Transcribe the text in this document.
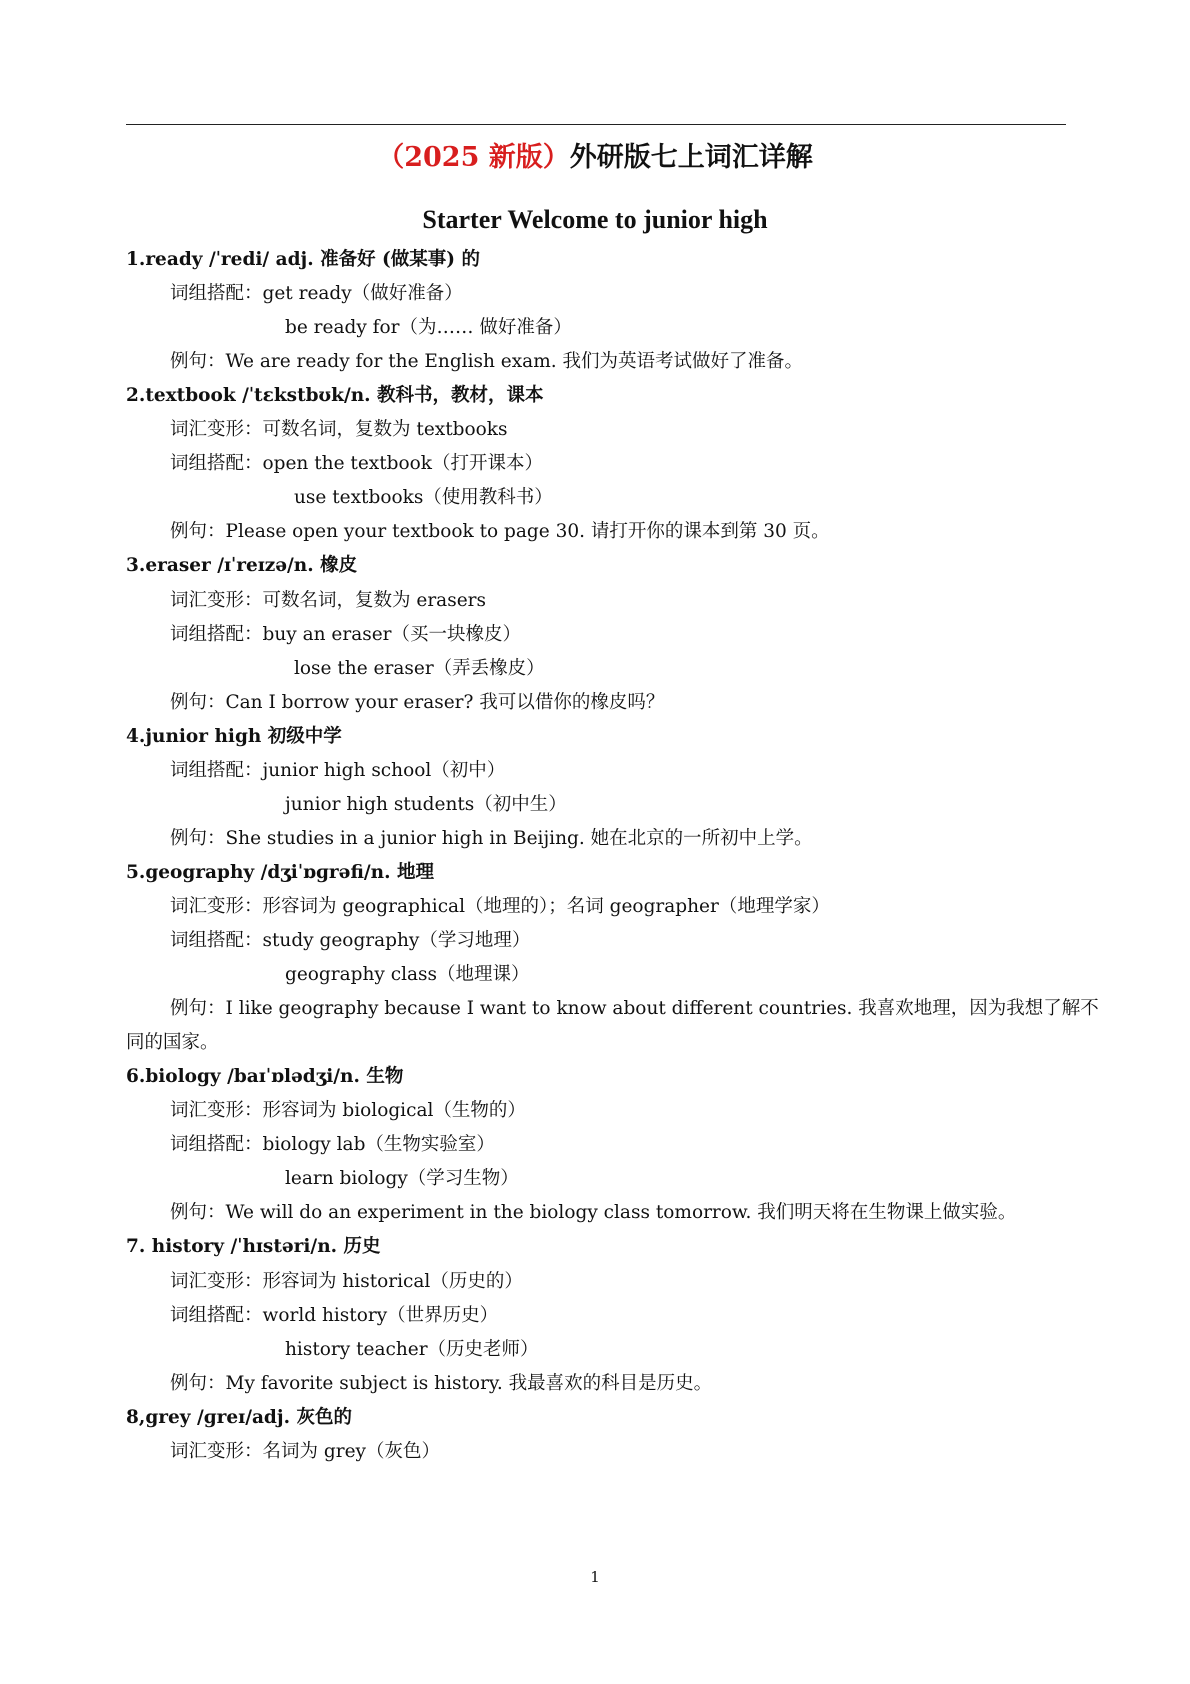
（2025 新版）外研版七上词汇详解
Starter Welcome to junior high
1.ready /ˈredi/ adj. 准备好 (做某事) 的
词组搭配：get ready（做好准备）
be ready for（为…… 做好准备）
例句：We are ready for the English exam. 我们为英语考试做好了准备。
2.textbook /ˈtɛkstbʊk/n. 教科书，教材，课本
词汇变形：可数名词，复数为 textbooks
词组搭配：open the textbook（打开课本）
use textbooks（使用教科书）
例句：Please open your textbook to page 30. 请打开你的课本到第 30 页。
3.eraser /ɪˈreɪzə/n. 橡皮
词汇变形：可数名词，复数为 erasers
词组搭配：buy an eraser（买一块橡皮）
lose the eraser（弄丢橡皮）
例句：Can I borrow your eraser? 我可以借你的橡皮吗？
4.junior high 初级中学
词组搭配：junior high school（初中）
junior high students（初中生）
例句：She studies in a junior high in Beijing. 她在北京的一所初中上学。
5.geography /dʒiˈɒɡrəfi/n. 地理
词汇变形：形容词为 geographical（地理的）；名词 geographer（地理学家）
词组搭配：study geography（学习地理）
geography class（地理课）
例句：I like geography because I want to know about different countries. 我喜欢地理，因为我想了解不
同的国家。
6.biology /baɪˈɒlədʒi/n. 生物
词汇变形：形容词为 biological（生物的）
词组搭配：biology lab（生物实验室）
learn biology（学习生物）
例句：We will do an experiment in the biology class tomorrow. 我们明天将在生物课上做实验。
7. history /ˈhɪstəri/n. 历史
词汇变形：形容词为 historical（历史的）
词组搭配：world history（世界历史）
history teacher（历史老师）
例句：My favorite subject is history. 我最喜欢的科目是历史。
8,grey /ɡreɪ/adj. 灰色的
词汇变形：名词为 grey（灰色）
1
